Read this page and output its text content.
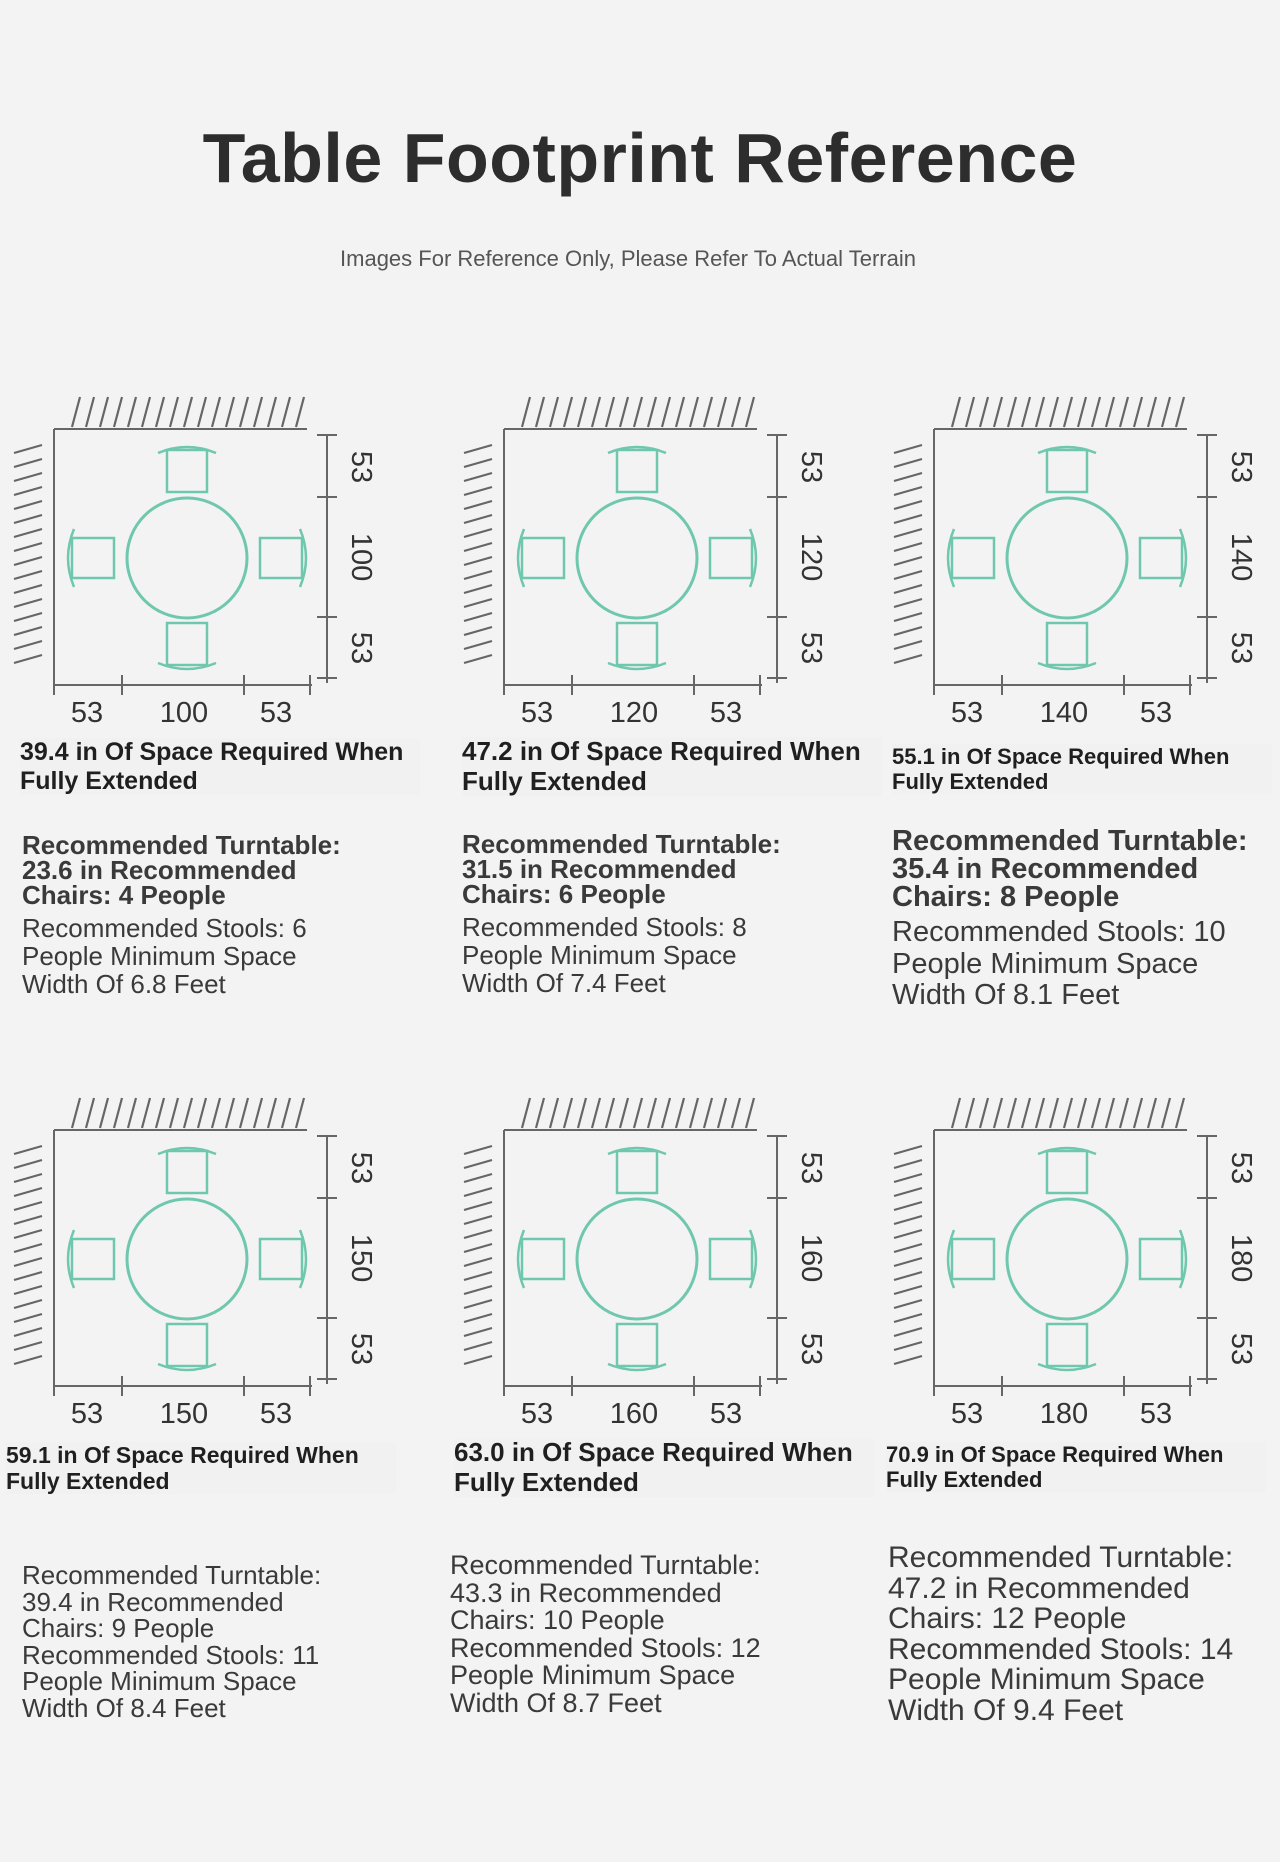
Table Footprint Reference
Images For Reference Only, Please Refer To Actual Terrain
53
100
53
53 100 53
39.4 in Of Space Required When Fully Extended
Recommended Turntable: 23.6 in Recommended Chairs: 4 People
Recommended Stools: 6 People Minimum Space Width Of 6.8 Feet
53
120
53
53 120 53
47.2 in Of Space Required When Fully Extended
Recommended Turntable: 31.5 in Recommended Chairs: 6 People
Recommended Stools: 8 People Minimum Space Width Of 7.4 Feet
53
140
53
53 140 53
55.1 in Of Space Required When Fully Extended
Recommended Turntable: 35.4 in Recommended Chairs: 8 People
Recommended Stools: 10 People Minimum Space Width Of 8.1 Feet
53
150
53
53 150 53
59.1 in Of Space Required When Fully Extended
Recommended Turntable: 39.4 in Recommended Chairs: 9 People Recommended Stools: 11 People Minimum Space Width Of 8.4 Feet
53
160
53
53 160 53
63.0 in Of Space Required When Fully Extended
Recommended Turntable: 43.3 in Recommended Chairs: 10 People Recommended Stools: 12 People Minimum Space Width Of 8.7 Feet
53
180
53
53 180 53
70.9 in Of Space Required When Fully Extended
Recommended Turntable: 47.2 in Recommended Chairs: 12 People Recommended Stools: 14 People Minimum Space Width Of 9.4 Feet
